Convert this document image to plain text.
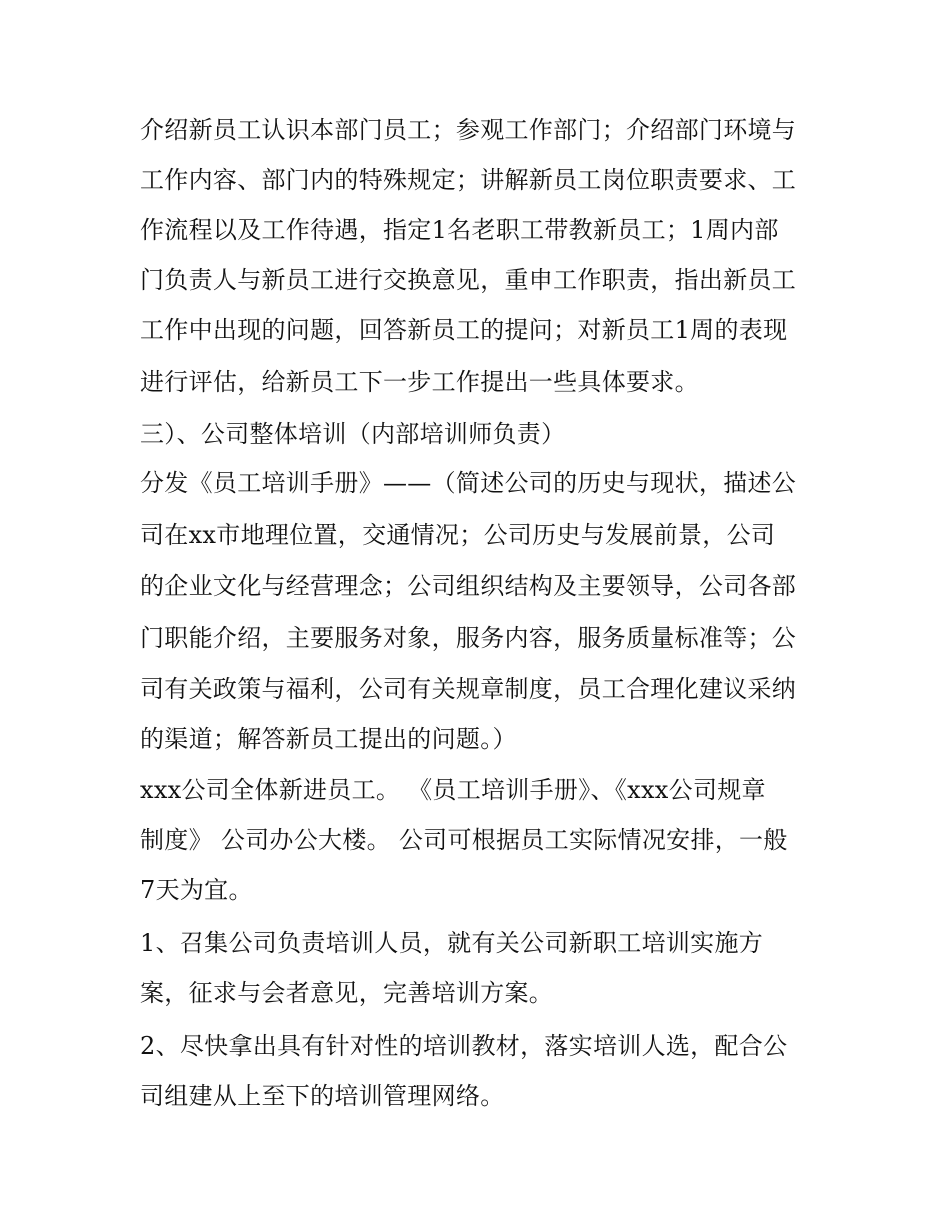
介绍新员工认识本部门员工；参观工作部门；介绍部门环境与

工作内容、部门内的特殊规定；讲解新员工岗位职责要求、工

作流程以及工作待遇，指定1名老职工带教新员工；1周内部

门负责人与新员工进行交换意见，重申工作职责，指出新员工

工作中出现的问题，回答新员工的提问；对新员工1周的表现

进行评估，给新员工下一步工作提出一些具体要求。

三）、公司整体培训（内部培训师负责）

分发《员工培训手册》——（简述公司的历史与现状，描述公

司在xx市地理位置，交通情况；公司历史与发展前景，公司

的企业文化与经营理念；公司组织结构及主要领导，公司各部

门职能介绍，主要服务对象，服务内容，服务质量标准等；公

司有关政策与福利，公司有关规章制度，员工合理化建议采纳

的渠道；解答新员工提出的问题。）

xxx公司全体新进员工。 《员工培训手册》、《xxx公司规章

制度》 公司办公大楼。 公司可根据员工实际情况安排，一般

7天为宜。

1、召集公司负责培训人员，就有关公司新职工培训实施方

案，征求与会者意见，完善培训方案。

2、尽快拿出具有针对性的培训教材，落实培训人选，配合公

司组建从上至下的培训管理网络。
